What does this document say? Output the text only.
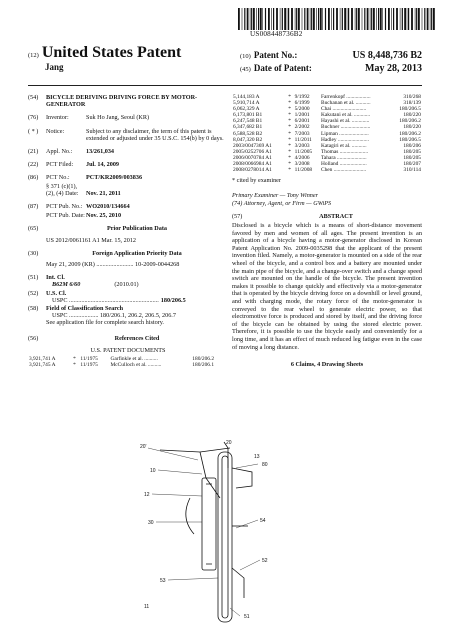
US008448736B2
(12) United States Patent
Jang
(10) Patent No.:	US 8,448,736 B2
(45) Date of Patent:	May 28, 2013
(54)	BICYCLE DERIVING DRIVING FORCE BY MOTOR-GENERATOR
(76)	Inventor:	Suk Ho Jang, Seoul (KR)
( * )	Notice:	Subject to any disclaimer, the term of this patent is extended or adjusted under 35 U.S.C. 154(b) by 0 days.
(21)	Appl. No.:	13/261,034
(22)	PCT Filed:	Jul. 14, 2009
(86)	PCT No.:	PCT/KR2009/003836
§ 371 (c)(1),
(2), (4) Date:	Nov. 21, 2011
(87)	PCT Pub. No.: WO2010/134664
PCT Pub. Date: Nov. 25, 2010
(65)	Prior Publication Data
US 2012/0061161 A1 Mar. 15, 2012
(30)	Foreign Application Priority Data
May 21, 2009 (KR) ........................ 10-2009-0044268
(51)	Int. Cl.
B62M 6/60	(2010.01)
(52)	U.S. Cl.
USPC .......................................................... 180/206.5
(58)	Field of Classification Search
USPC ................... 180/206.1, 206.2, 206.5, 206.7
See application file for complete search history.
(56)	References Cited
U.S. PATENT DOCUMENTS
3,921,741 A	*	11/1975	Garfinkle et al. ..........	180/206.2
3,921,745 A	*	11/1975	McCulloch et al. ..........	180/206.1
5,144,183 A	*	9/1992	Farrenkopf ..................	310/268
5,910,714 A	*	6/1999	Buchanan et al. ...........	318/139
6,062,329 A	*	5/2000	Chai .........................	180/206.5
6,173,801 B1	*	1/2001	Kakutani et al. ............	180/220
6,247,548 B1	*	6/2001	Hayashi et al. .............	180/206.2
6,347,682 B1	*	2/2002	Buchner ......................	180/220
6,588,528 B2	*	7/2003	Lipman ......................	180/206.2
8,047,320 B2	*	11/2011	Hadley .......................	180/206.5
2003/0047369 A1	*	3/2003	Katagiri et al. ...........	180/206
2005/0252706 A1	*	11/2005	Thomas .....................	180/205
2006/0070784 A1	*	4/2006	Tahara ......................	180/205
2008/0066984 A1	*	3/2008	Holland ....................	180/207
2008/0278014 A1	*	11/2008	Chen ........................	310/114
* cited by examiner
Primary Examiner — Tony Winner
(74) Attorney, Agent, or Firm — GWiPS
(57)	ABSTRACT
Disclosed is a bicycle which is a means of short-distance movement favored by men and women of all ages. The present invention is an application of a bicycle having a motor-generator disclosed in Korean Patent Application No. 2009-0035298 that the applicant of the present invention filed. Namely, a motor-generator is mounted on a side of the rear wheel of the bicycle, and a control box and a battery are mounted under the main pipe of the bicycle, and a change-over switch and a change speed switch are mounted on the handle of the bicycle. The present invention makes it possible to change quickly and effectively via a motor-generator that is operated by the bicycle driving force on a downhill or level ground, and with charging mode, the rotary force of the motor-generator is conveyed to the rear wheel to generate electric power, so that electromotive force is produced and stored by itself, and the driving force of the bicycle can be obtained by using the stored electric power. Therefore, it is possible to use the bicycle easily and conveniently for a long time, and it has an effect of much reduced leg fatigue even in the case of moving a long distance.
6 Claims, 4 Drawing Sheets
20'
20
10
80
13
12
30	54
52
53
11
51
